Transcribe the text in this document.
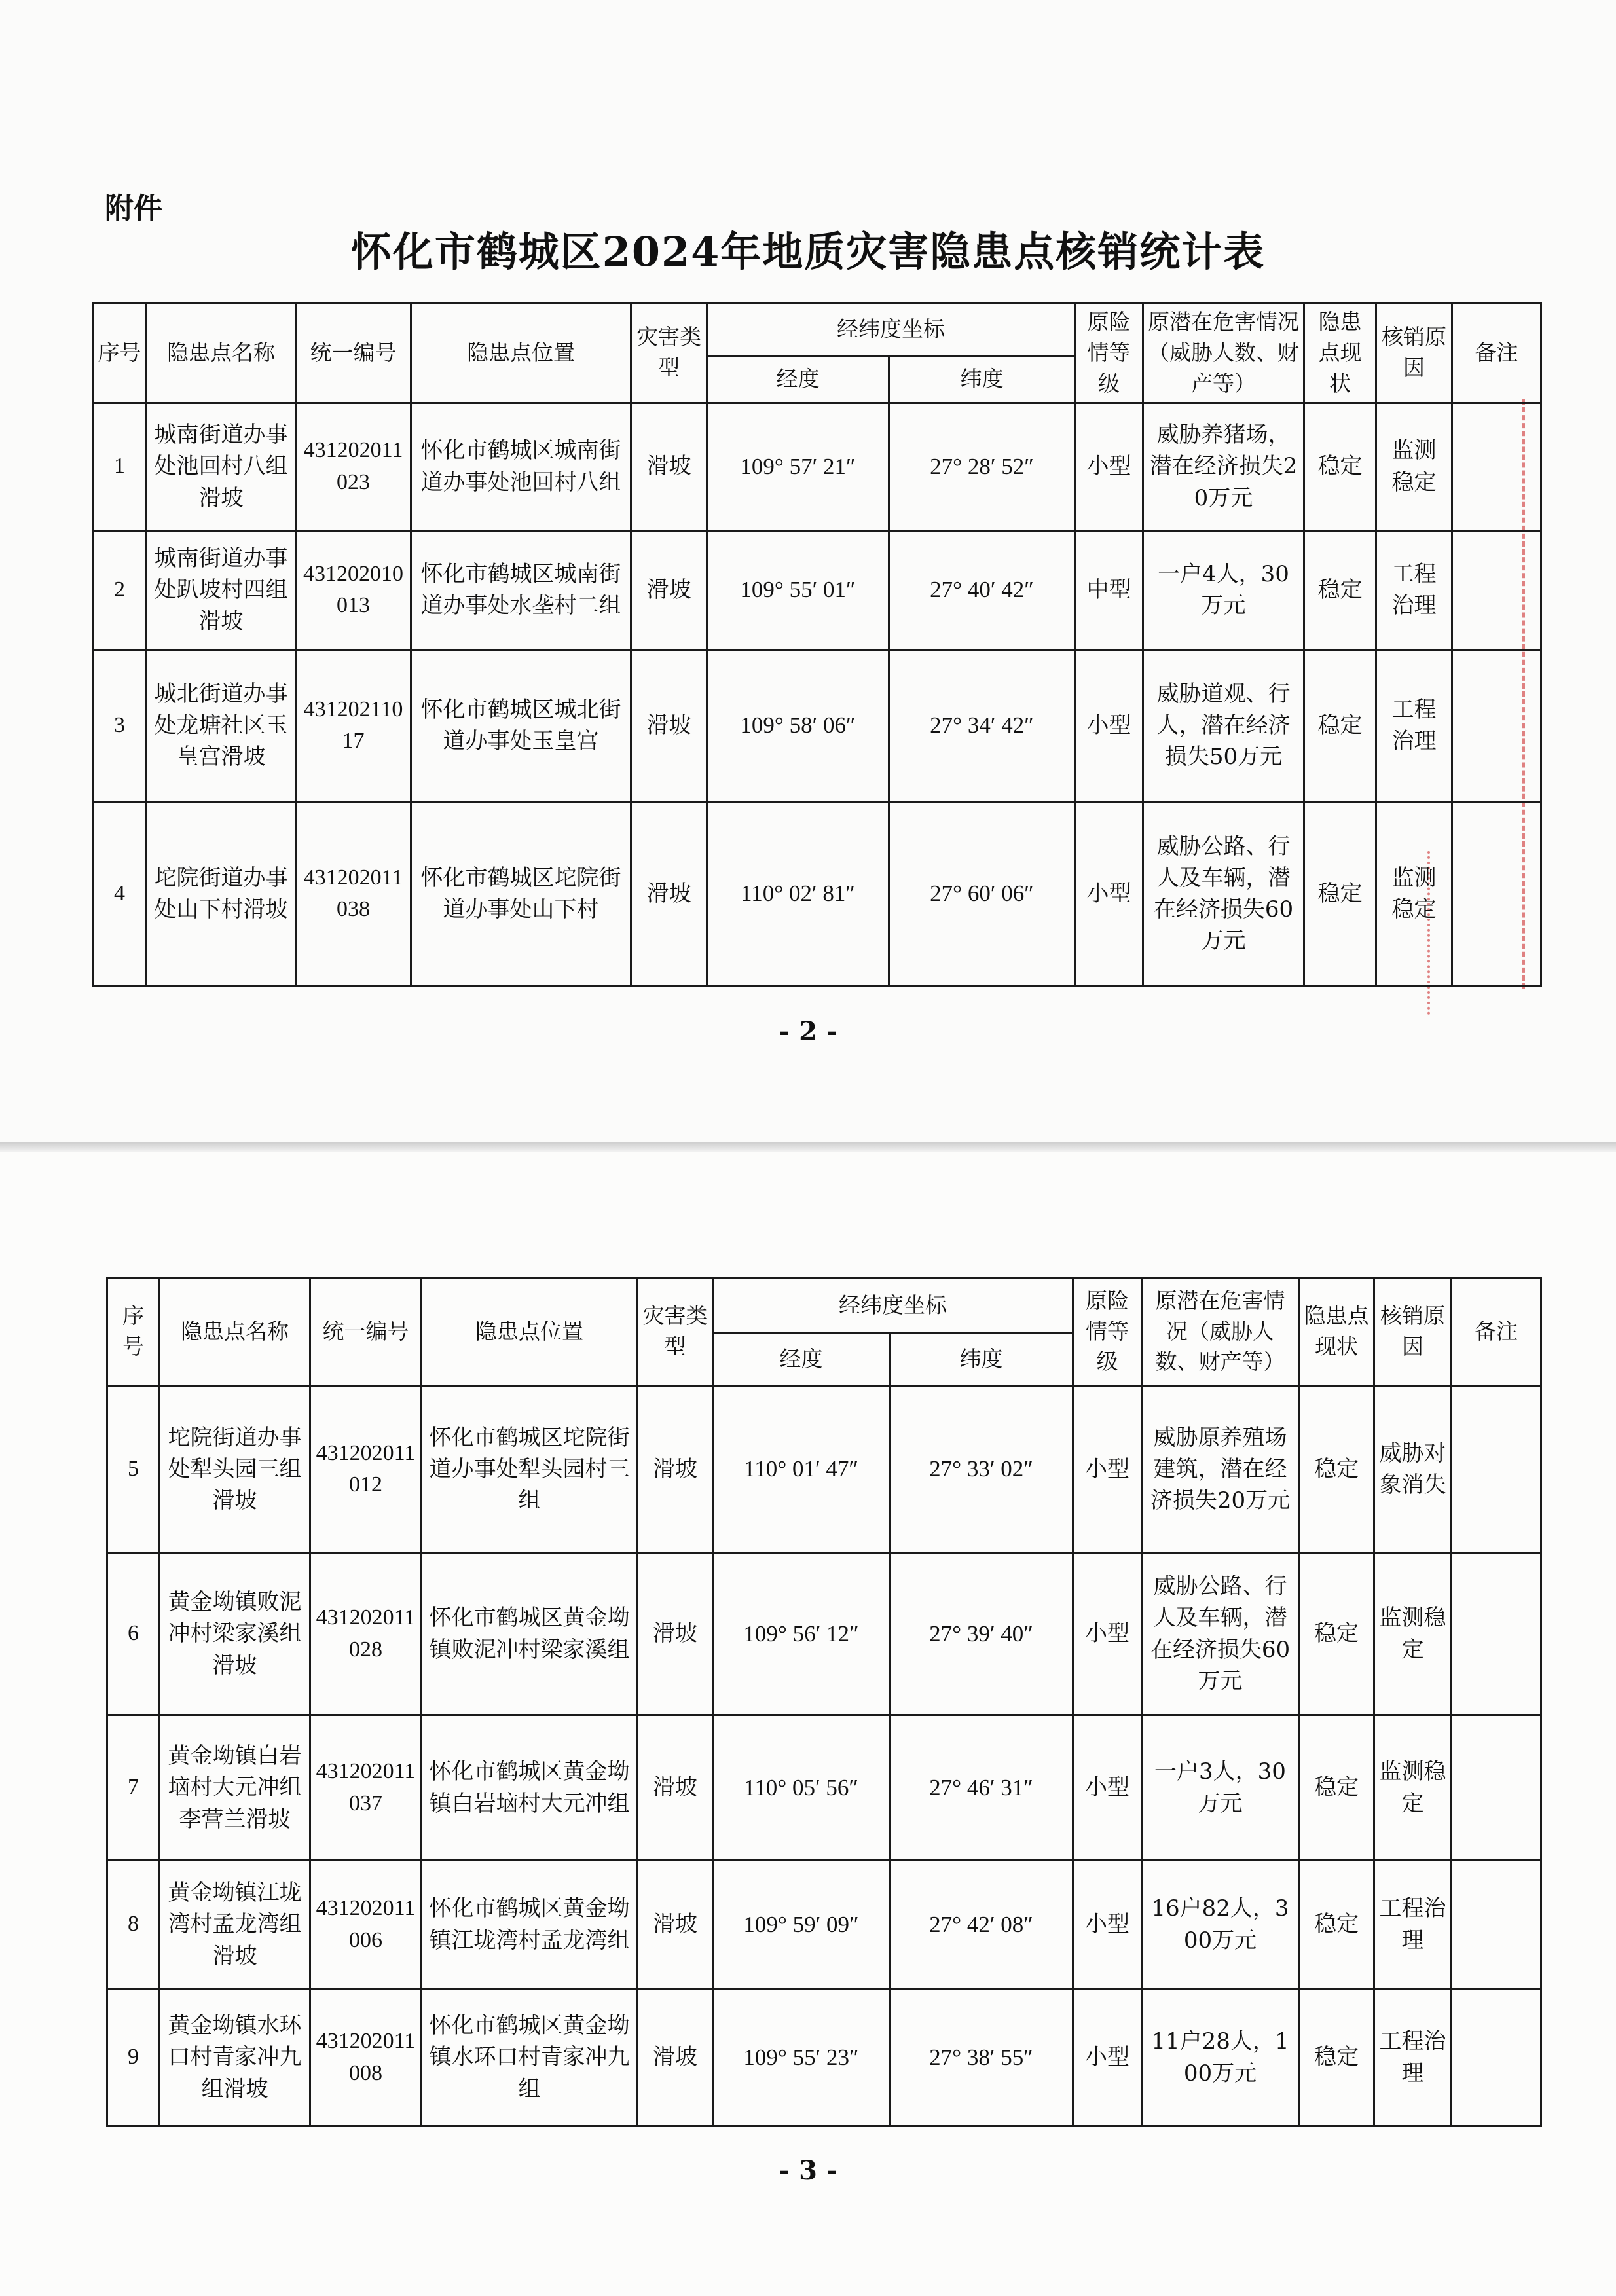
附件
怀化市鹤城区2024年地质灾害隐患点核销统计表
序号	隐患点名称	统一编号	隐患点位置	灾害类型	经纬度坐标		原险情等级	原潜在危害情况（威胁人数、财产等）	隐患点现状	核销原因	备注
					经度	纬度					
1	城南街道办事处池回村八组滑坡	431202011023	怀化市鹤城区城南街道办事处池回村八组	滑坡	109° 57′ 21″	27° 28′ 52″	小型	威胁养猪场，潜在经济损失20万元	稳定	监测稳定	
2	城南街道办事处趴坡村四组滑坡	431202010013	怀化市鹤城区城南街道办事处水垄村二组	滑坡	109° 55′ 01″	27° 40′ 42″	中型	一户4人，30万元	稳定	工程治理	
3	城北街道办事处龙塘社区玉皇宫滑坡	43120211017	怀化市鹤城区城北街道办事处玉皇宫	滑坡	109° 58′ 06″	27° 34′ 42″	小型	威胁道观、行人，潜在经济损失50万元	稳定	工程治理	
4	坨院街道办事处山下村滑坡	431202011038	怀化市鹤城区坨院街道办事处山下村	滑坡	110° 02′ 81″	27° 60′ 06″	小型	威胁公路、行人及车辆，潜在经济损失60万元	稳定	监测稳定	
- 2 -
序号	隐患点名称	统一编号	隐患点位置	灾害类型	经纬度坐标		原险情等级	原潜在危害情况（威胁人数、财产等）	隐患点现状	核销原因	备注
					经度	纬度					
5	坨院街道办事处犁头园三组滑坡	431202011012	怀化市鹤城区坨院街道办事处犁头园村三组	滑坡	110° 01′ 47″	27° 33′ 02″	小型	威胁原养殖场建筑，潜在经济损失20万元	稳定	威胁对象消失	
6	黄金坳镇败泥冲村梁家溪组滑坡	431202011028	怀化市鹤城区黄金坳镇败泥冲村梁家溪组	滑坡	109° 56′ 12″	27° 39′ 40″	小型	威胁公路、行人及车辆，潜在经济损失60万元	稳定	监测稳定	
7	黄金坳镇白岩垴村大元冲组李营兰滑坡	431202011037	怀化市鹤城区黄金坳镇白岩垴村大元冲组	滑坡	110° 05′ 56″	27° 46′ 31″	小型	一户3人，30万元	稳定	监测稳定	
8	黄金坳镇江垅湾村孟龙湾组滑坡	431202011006	怀化市鹤城区黄金坳镇江垅湾村孟龙湾组	滑坡	109° 59′ 09″	27° 42′ 08″	小型	16户82人，300万元	稳定	工程治理	
9	黄金坳镇水环口村青家冲九组滑坡	431202011008	怀化市鹤城区黄金坳镇水环口村青家冲九组	滑坡	109° 55′ 23″	27° 38′ 55″	小型	11户28人，100万元	稳定	工程治理	
- 3 -
